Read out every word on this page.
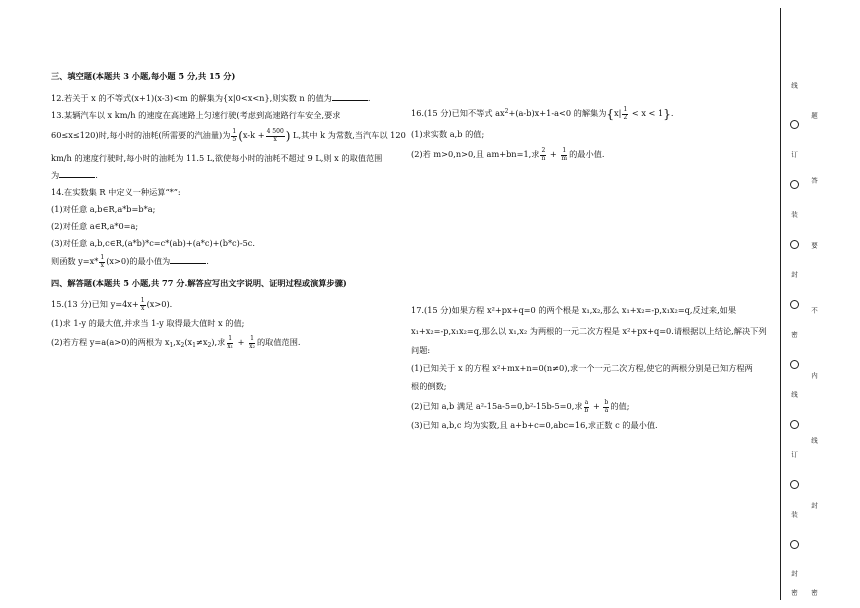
三、填空题(本题共 3 小题,每小题 5 分,共 15 分)

12.若关于 x 的不等式(x+1)(x-3)<m 的解集为{x|0<x<n},则实数 n 的值为	.

13.某辆汽车以 x km/h 的速度在高速路上匀速行驶(考虑到高速路行车安全,要求

60≤x≤120)时,每小时的油耗(所需要的汽油量)为 $\frac{1}{5} (x-k + \frac{4 500}{x}$ ) L,其中 k 为常数,当汽车以 120

km/h 的速度行驶时,每小时的油耗为 11.5 L,欲使每小时的油耗不超过 9 L,则 x 的取值范围

为	.

14.在实数集 R 中定义一种运算“*”:

(1)对任意 a,b∈R,a*b=b*a;

(2)对任意 a∈R,a*0=a;

(3)对任意 a,b,c∈R,(a*b)*c=c*(ab)+(a*c)+(b*c)-5c.

则函数 $y=x* \frac{1}{x} (x>0)$的最小值为	.

四、解答题(本题共 5 小题,共 77 分.解答应写出文字说明、证明过程或演算步骤)

15.(13 分)已知 $y=4x+ \frac{1}{x} (x>0)$.

(1)求 1-y 的最大值,并求当 1-y 取得最大值时 x 的值;

(2)若方程 y=a(a>0)的两根为 $x_1,x_2(x_1\ne x_2)$,求 $\frac{1}{\text{x₁}} + \frac{1}{\text{x₂}}$ 的取值范围.

16.(15 分)已知不等式 $ax^2+(a-b)x+1-a<0$ 的解集为$\{x| \frac{1}{2} < x < 1\}$.

(1)求实数 a,b 的值;

(2)若 m>0,n>0,且 am+bn=1,求 $\frac{2}{n} + \frac{1}{m}$ 的最小值.

17.(15 分)如果方程 x²+px+q=0 的两个根是 x₁,x₂,那么 x₁+x₂=-p,x₁x₂=q,反过来,如果

x₁+x₂=-p,x₁x₂=q,那么以 x₁,x₂ 为两根的一元二次方程是 x²+px+q=0.请根据以上结论,解决下列

问题:

(1)已知关于 x 的方程 x²+mx+n=0(n≠0),求一个一元二次方程,使它的两根分别是已知方程两

根的倒数;

(2)已知 a,b 满足 a²-15a-5=0,b²-15b-5=0,求 $\frac{a}{b} + \frac{b}{a}$ 的值;

(3)已知 a,b,c 均为实数,且 a+b+c=0,abc=16,求正数 c 的最小值.

线
订
装
封
密
线
订
装
封
题
答
要
不
内
线
封
密 密
